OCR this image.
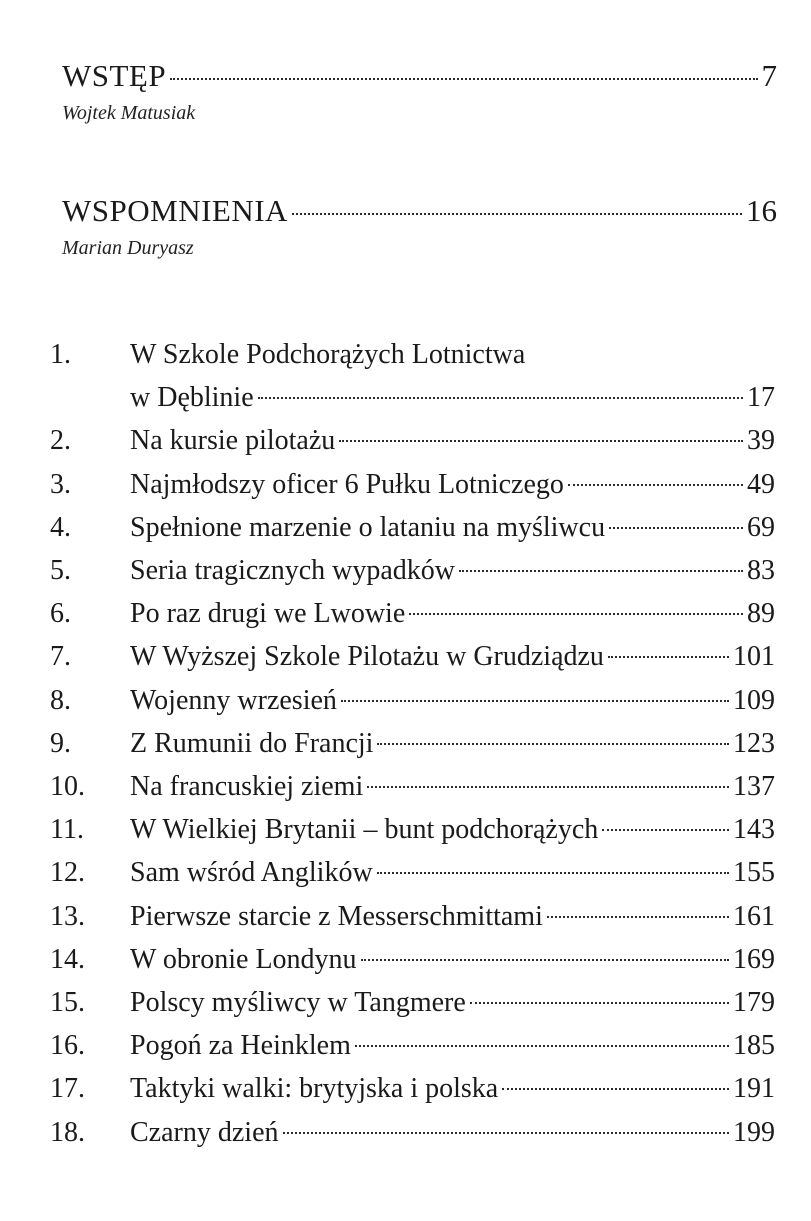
WSTĘP	7
Wojtek Matusiak
WSPOMNIENIA	16
Marian Duryasz
1.	W Szkole Podchorążych Lotnictwa
w Dęblinie	17
2.	Na kursie pilotażu	39
3.	Najmłodszy oficer 6 Pułku Lotniczego	49
4.	Spełnione marzenie o lataniu na myśliwcu	69
5.	Seria tragicznych wypadków	83
6.	Po raz drugi we Lwowie	89
7.	W Wyższej Szkole Pilotażu w Grudziądzu	101
8.	Wojenny wrzesień	109
9.	Z Rumunii do Francji	123
10.	Na francuskiej ziemi	137
11.	W Wielkiej Brytanii – bunt podchorążych	143
12.	Sam wśród Anglików	155
13.	Pierwsze starcie z Messerschmittami	161
14.	W obronie Londynu	169
15.	Polscy myśliwcy w Tangmere	179
16.	Pogoń za Heinklem	185
17.	Taktyki walki: brytyjska i polska	191
18.	Czarny dzień	199
